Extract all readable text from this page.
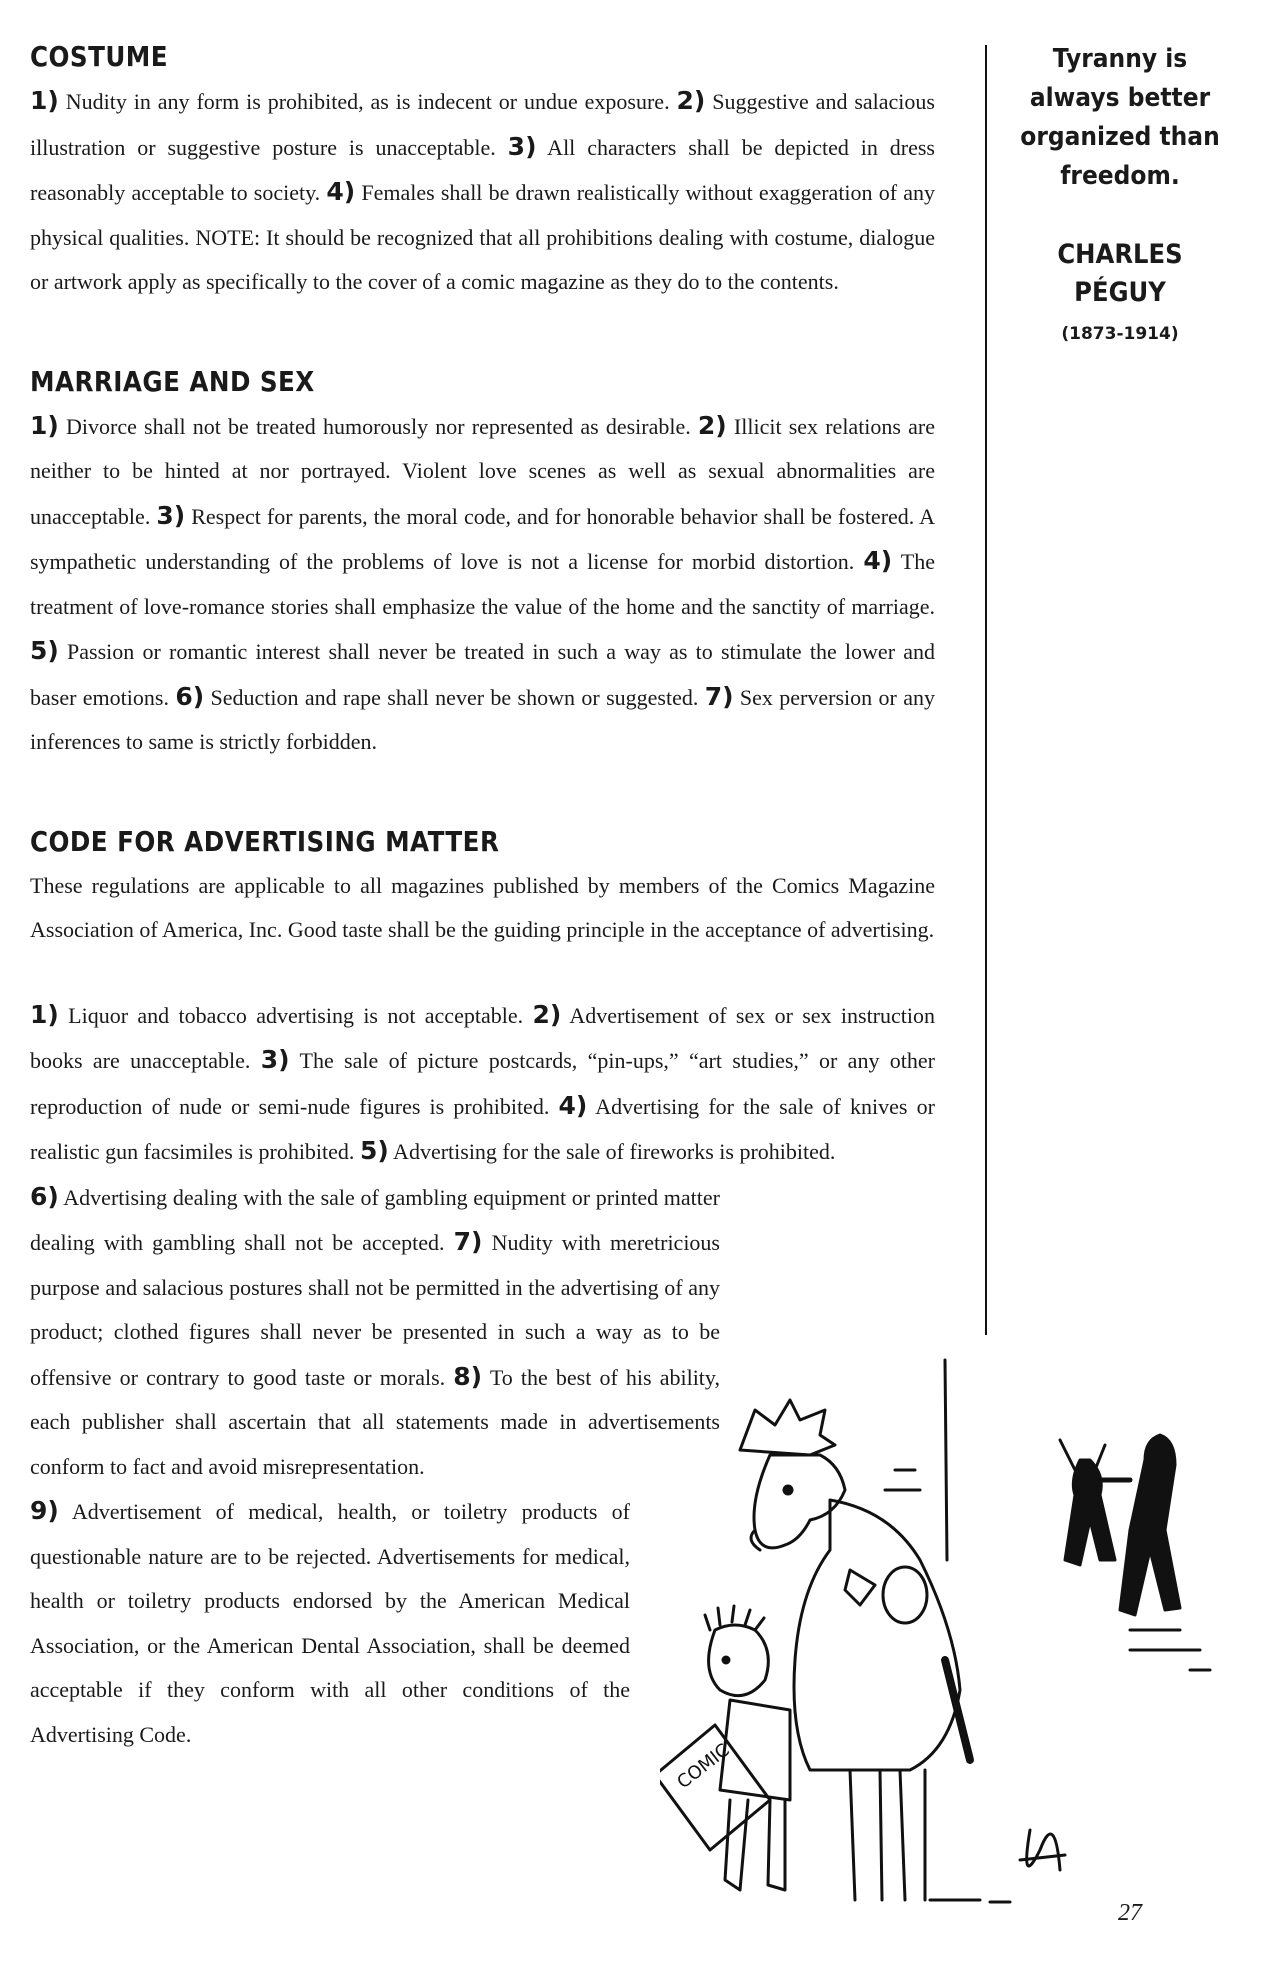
COSTUME

1) Nudity in any form is prohibited, as is indecent or undue exposure. 2) Suggestive and salacious illustration or suggestive posture is unacceptable. 3) All characters shall be depicted in dress reasonably acceptable to society. 4) Females shall be drawn realistically without exaggeration of any physical qualities. NOTE: It should be recognized that all prohibitions dealing with costume, dialogue or artwork apply as specifically to the cover of a comic magazine as they do to the contents.

MARRIAGE AND SEX

1) Divorce shall not be treated humorously nor represented as desirable. 2) Illicit sex relations are neither to be hinted at nor portrayed. Violent love scenes as well as sexual abnormalities are unacceptable. 3) Respect for parents, the moral code, and for honorable behavior shall be fostered. A sympathetic understanding of the problems of love is not a license for morbid distortion. 4) The treatment of love-romance stories shall emphasize the value of the home and the sanctity of marriage. 5) Passion or romantic interest shall never be treated in such a way as to stimulate the lower and baser emotions. 6) Seduction and rape shall never be shown or suggested. 7) Sex perversion or any inferences to same is strictly forbidden.

CODE FOR ADVERTISING MATTER

These regulations are applicable to all magazines published by members of the Comics Magazine Association of America, Inc. Good taste shall be the guiding principle in the acceptance of advertising.

1) Liquor and tobacco advertising is not acceptable. 2) Advertisement of sex or sex instruction books are unacceptable. 3) The sale of picture postcards, “pin-ups,” “art studies,” or any other reproduction of nude or semi-nude figures is prohibited. 4) Advertising for the sale of knives or realistic gun facsimiles is prohibited. 5) Advertising for the sale of fireworks is prohibited.

6) Advertising dealing with the sale of gambling equipment or printed matter dealing with gambling shall not be accepted. 7) Nudity with meretricious purpose and salacious postures shall not be permitted in the advertising of any product; clothed figures shall never be presented in such a way as to be offensive or contrary to good taste or morals. 8) To the best of his ability, each publisher shall ascertain that all statements made in advertisements conform to fact and avoid misrepresentation.

9) Advertisement of medical, health, or toiletry products of questionable nature are to be rejected. Advertisements for medical, health or toiletry products endorsed by the American Medical Association, or the American Dental Association, shall be deemed acceptable if they conform with all other conditions of the Advertising Code.

Tyranny is always better organized than freedom.
CHARLES PÉGUY
(1873-1914)
COMIC
A.
27
